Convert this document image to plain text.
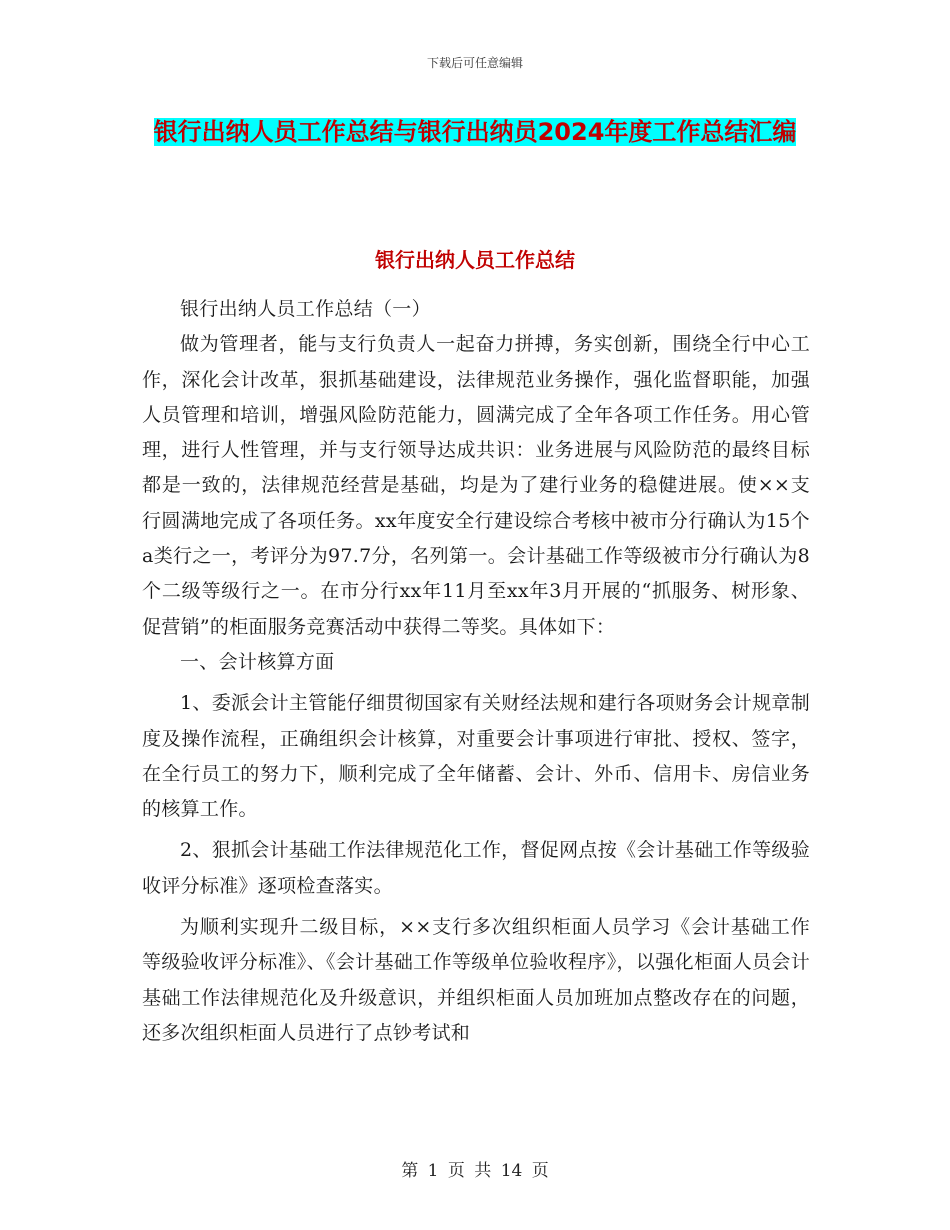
下载后可任意编辑
银行出纳人员工作总结与银行出纳员2024年度工作总结汇编
银行出纳人员工作总结

银行出纳人员工作总结（一）

做为管理者，能与支行负责人一起奋力拼搏，务实创新，围绕全行中心工作，深化会计改革，狠抓基础建设，法律规范业务操作，强化监督职能，加强人员管理和培训，增强风险防范能力，圆满完成了全年各项工作任务。用心管理，进行人性管理，并与支行领导达成共识：业务进展与风险防范的最终目标都是一致的，法律规范经营是基础，均是为了建行业务的稳健进展。使××支行圆满地完成了各项任务。xx年度安全行建设综合考核中被市分行确认为15个a类行之一，考评分为97.7分，名列第一。会计基础工作等级被市分行确认为8个二级等级行之一。在市分行xx年11月至xx年3月开展的“抓服务、树形象、促营销”的柜面服务竞赛活动中获得二等奖。具体如下：

一、会计核算方面

1、委派会计主管能仔细贯彻国家有关财经法规和建行各项财务会计规章制度及操作流程，正确组织会计核算，对重要会计事项进行审批、授权、签字，在全行员工的努力下，顺利完成了全年储蓄、会计、外币、信用卡、房信业务的核算工作。

2、狠抓会计基础工作法律规范化工作，督促网点按《会计基础工作等级验收评分标准》逐项检查落实。

为顺利实现升二级目标，××支行多次组织柜面人员学习《会计基础工作等级验收评分标准》、《会计基础工作等级单位验收程序》，以强化柜面人员会计基础工作法律规范化及升级意识，并组织柜面人员加班加点整改存在的问题，还多次组织柜面人员进行了点钞考试和

第 1 页 共 14 页
